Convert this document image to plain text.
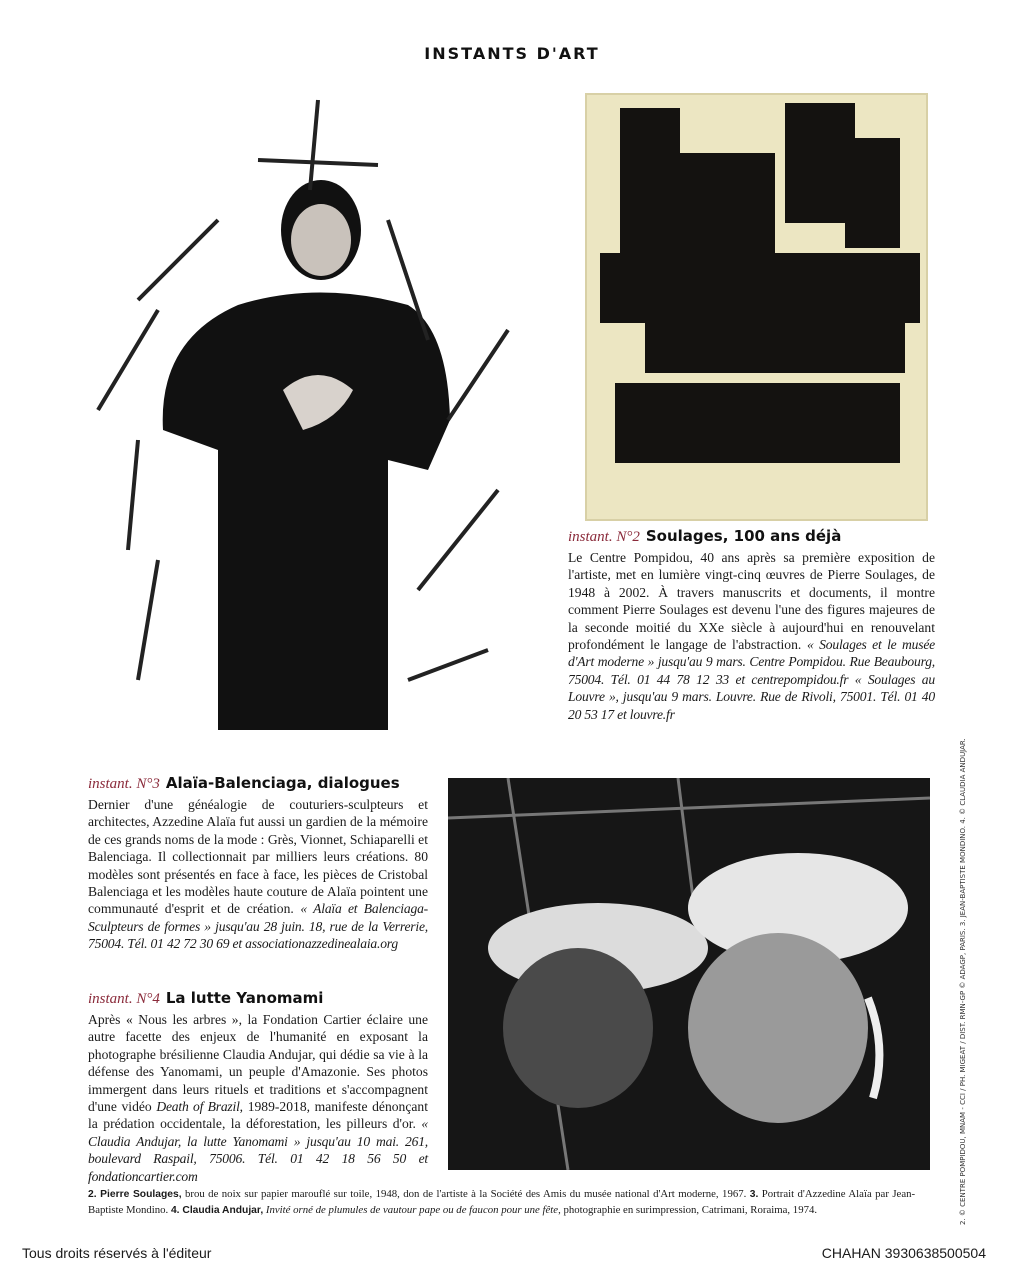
INSTANTS D'ART
instant. N°2 Soulages, 100 ans déjà
Le Centre Pompidou, 40 ans après sa première exposition de l'artiste, met en lumière vingt-cinq œuvres de Pierre Soulages, de 1948 à 2002. À travers manuscrits et documents, il montre comment Pierre Soulages est devenu l'une des figures majeures de la seconde moitié du XXe siècle à aujourd'hui en renouvelant profondément le langage de l'abstraction. « Soulages et le musée d'Art moderne » jusqu'au 9 mars. Centre Pompidou. Rue Beaubourg, 75004. Tél. 01 44 78 12 33 et centrepompidou.fr « Soulages au Louvre », jusqu'au 9 mars. Louvre. Rue de Rivoli, 75001. Tél. 01 40 20 53 17 et louvre.fr
instant. N°3 Alaïa-Balenciaga, dialogues
Dernier d'une généalogie de couturiers-sculpteurs et architectes, Azzedine Alaïa fut aussi un gardien de la mémoire de ces grands noms de la mode : Grès, Vionnet, Schiaparelli et Balenciaga. Il collectionnait par milliers leurs créations. 80 modèles sont présentés en face à face, les pièces de Cristobal Balenciaga et les modèles haute couture de Alaïa pointent une communauté d'esprit et de création. « Alaïa et Balenciaga-Sculpteurs de formes » jusqu'au 28 juin. 18, rue de la Verrerie, 75004. Tél. 01 42 72 30 69 et associationazzedinealaia.org
instant. N°4 La lutte Yanomami
Après « Nous les arbres », la Fondation Cartier éclaire une autre facette des enjeux de l'humanité en exposant la photographe brésilienne Claudia Andujar, qui dédie sa vie à la défense des Yanomami, un peuple d'Amazonie. Ses photos immergent dans leurs rituels et traditions et s'accompagnent d'une vidéo Death of Brazil, 1989-2018, manifeste dénonçant la prédation occidentale, la déforestation, les pilleurs d'or. « Claudia Andujar, la lutte Yanomami » jusqu'au 10 mai. 261, boulevard Raspail, 75006. Tél. 01 42 18 56 50 et fondationcartier.com
2. Pierre Soulages, brou de noix sur papier marouflé sur toile, 1948, don de l'artiste à la Société des Amis du musée national d'Art moderne, 1967. 3. Portrait d'Azzedine Alaïa par Jean-Baptiste Mondino. 4. Claudia Andujar, Invité orné de plumules de vautour pape ou de faucon pour une fête, photographie en surimpression, Catrimani, Roraima, 1974.	2. © CENTRE POMPIDOU, MNAM - CCI / PH. MIGEAT / DIST. RMN-GP © ADAGP, PARIS. 3. JEAN-BAPTISTE MONDINO. 4. © CLAUDIA ANDUJAR.
Tous droits réservés à l'éditeur	CHAHAN 3930638500504
